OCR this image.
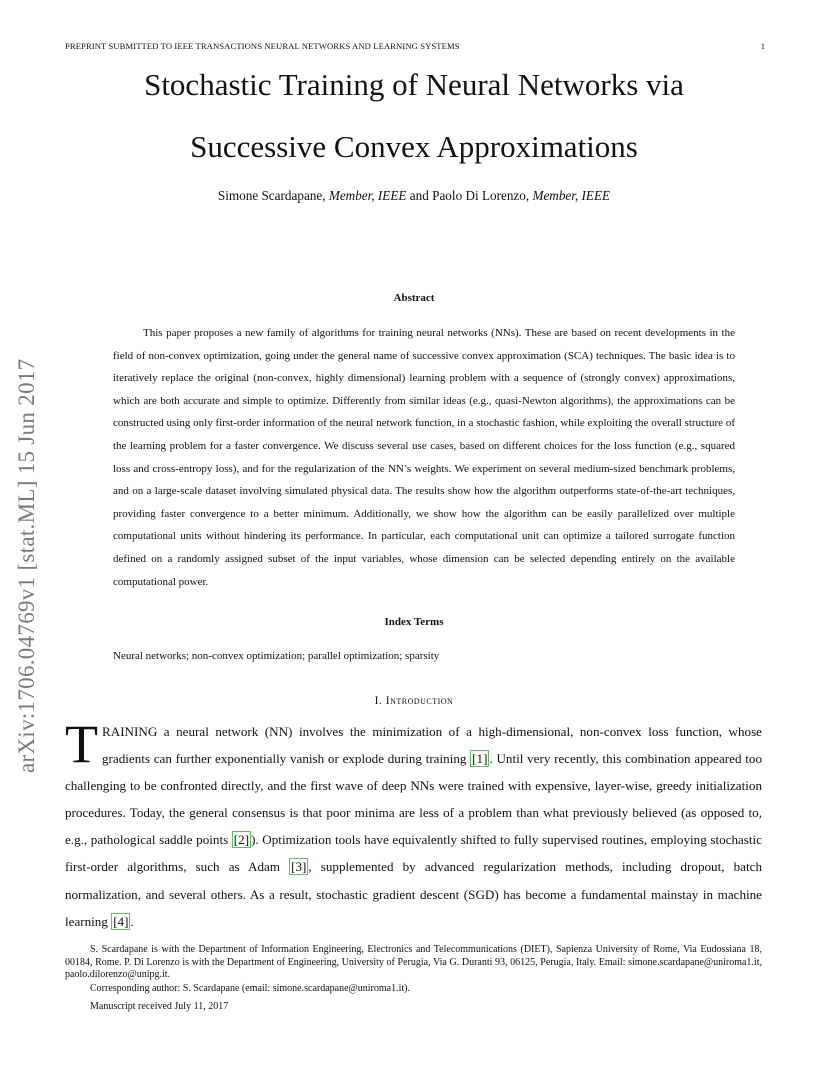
PREPRINT SUBMITTED TO IEEE TRANSACTIONS NEURAL NETWORKS AND LEARNING SYSTEMS	1
Stochastic Training of Neural Networks via
Successive Convex Approximations
Simone Scardapane, Member, IEEE and Paolo Di Lorenzo, Member, IEEE
arXiv:1706.04769v1 [stat.ML] 15 Jun 2017
Abstract
This paper proposes a new family of algorithms for training neural networks (NNs). These are based on recent developments in the field of non-convex optimization, going under the general name of successive convex approximation (SCA) techniques. The basic idea is to iteratively replace the original (non-convex, highly dimensional) learning problem with a sequence of (strongly convex) approximations, which are both accurate and simple to optimize. Differently from similar ideas (e.g., quasi-Newton algorithms), the approximations can be constructed using only first-order information of the neural network function, in a stochastic fashion, while exploiting the overall structure of the learning problem for a faster convergence. We discuss several use cases, based on different choices for the loss function (e.g., squared loss and cross-entropy loss), and for the regularization of the NN’s weights. We experiment on several medium-sized benchmark problems, and on a large-scale dataset involving simulated physical data. The results show how the algorithm outperforms state-of-the-art techniques, providing faster convergence to a better minimum. Additionally, we show how the algorithm can be easily parallelized over multiple computational units without hindering its performance. In particular, each computational unit can optimize a tailored surrogate function defined on a randomly assigned subset of the input variables, whose dimension can be selected depending entirely on the available computational power.
Index Terms
Neural networks; non-convex optimization; parallel optimization; sparsity
I. Introduction
TRAINING a neural network (NN) involves the minimization of a high-dimensional, non-convex loss function, whose gradients can further exponentially vanish or explode during training [1] . Until very recently, this combination appeared too challenging to be confronted directly, and the first wave of deep NNs were trained with expensive, layer-wise, greedy initialization procedures. Today, the general consensus is that poor minima are less of a problem than what previously believed (as opposed to, e.g., pathological saddle points [2] ). Optimization tools have equivalently shifted to fully supervised routines, employing stochastic first-order algorithms, such as Adam [3] , supplemented by advanced regularization methods, including dropout, batch normalization, and several others. As a result, stochastic gradient descent (SGD) has become a fundamental mainstay in machine learning [4] .
S. Scardapane is with the Department of Information Engineering, Electronics and Telecommunications (DIET), Sapienza University of Rome, Via Eudossiana 18, 00184, Rome. P. Di Lorenzo is with the Department of Engineering, University of Perugia, Via G. Duranti 93, 06125, Perugia, Italy. Email: simone.scardapane@uniroma1.it, paolo.dilorenzo@unipg.it.
Corresponding author: S. Scardapane (email: simone.scardapane@uniroma1.it).
Manuscript received July 11, 2017
